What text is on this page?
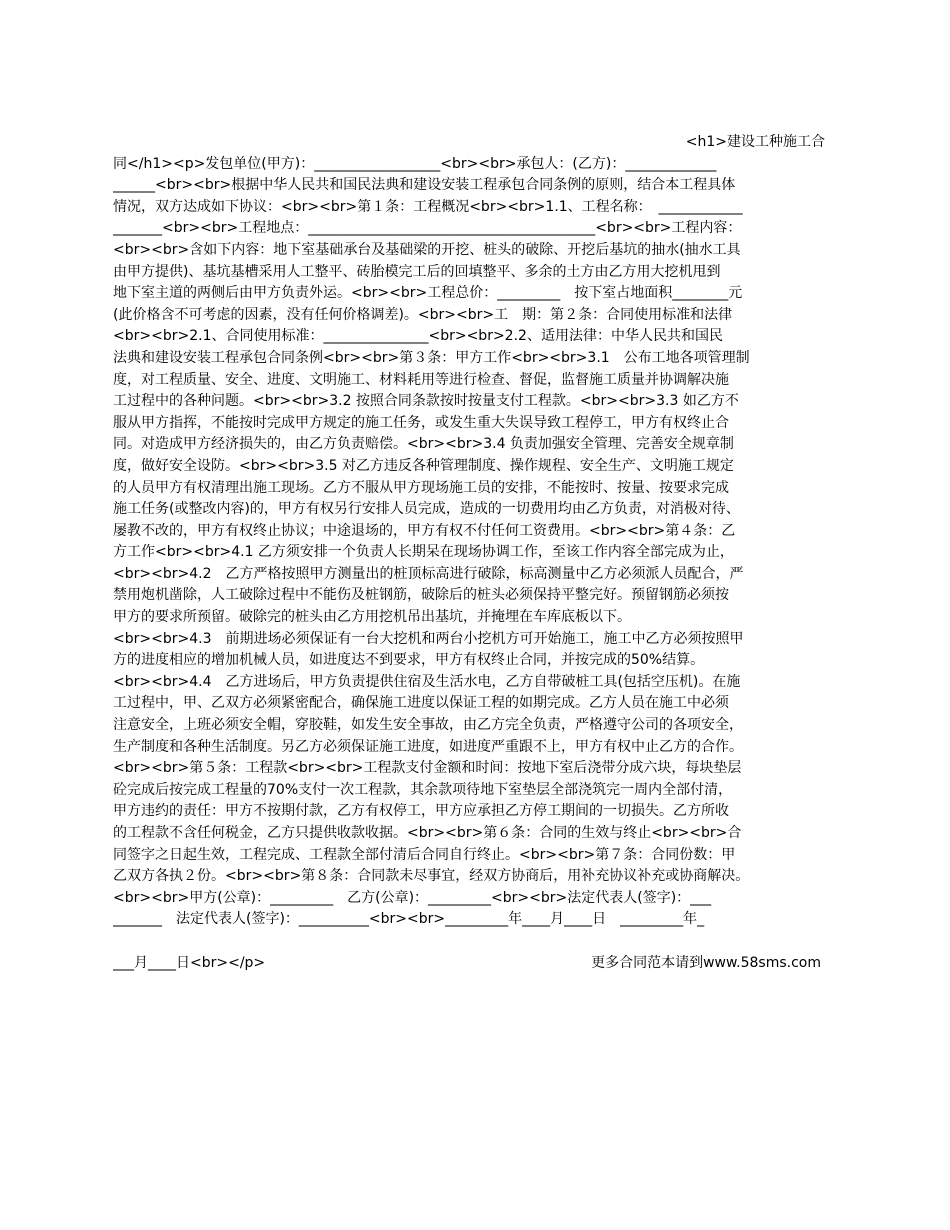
<h1>建设工种施工合
同</h1><p>发包单位(甲方)：__________________<br><br>承包人：(乙方)：_____________
______<br><br>根据中华人民共和国民法典和建设安装工程承包合同条例的原则，结合本工程具体
情况，双方达成如下协议：<br><br>第１条：工程概况<br><br>1.1、工程名称：　____________
_______<br><br>工程地点：_________________________________________<br><br>工程内容：
<br><br>含如下内容：地下室基础承台及基础梁的开挖、桩头的破除、开挖后基坑的抽水(抽水工具
由甲方提供)、基坑基槽采用人工整平、砖胎模完工后的回填整平、多余的土方由乙方用大挖机甩到
地下室主道的两侧后由甲方负责外运。<br><br>工程总价：_________　按下室占地面积________元
(此价格含不可考虑的因素，没有任何价格调差)。<br><br>工　期：第２条：合同使用标准和法律
<br><br>2.1、合同使用标准：_______________<br><br>2.2、适用法律：中华人民共和国民
法典和建设安装工程承包合同条例<br><br>第３条：甲方工作<br><br>3.1　公布工地各项管理制
度，对工程质量、安全、进度、文明施工、材料耗用等进行检查、督促，监督施工质量并协调解决施
工过程中的各种问题。<br><br>3.2 按照合同条款按时按量支付工程款。<br><br>3.3 如乙方不
服从甲方指挥，不能按时完成甲方规定的施工任务，或发生重大失误导致工程停工，甲方有权终止合
同。对造成甲方经济损失的，由乙方负责赔偿。<br><br>3.4 负责加强安全管理、完善安全规章制
度，做好安全设防。<br><br>3.5 对乙方违反各种管理制度、操作规程、安全生产、文明施工规定
的人员甲方有权清理出施工现场。乙方不服从甲方现场施工员的安排，不能按时、按量、按要求完成
施工任务(或整改内容)的，甲方有权另行安排人员完成，造成的一切费用均由乙方负责，对消极对待、
屡教不改的，甲方有权终止协议；中途退场的，甲方有权不付任何工资费用。<br><br>第４条：乙
方工作<br><br>4.1 乙方须安排一个负责人长期呆在现场协调工作，至该工作内容全部完成为止，
<br><br>4.2　乙方严格按照甲方测量出的桩顶标高进行破除，标高测量中乙方必须派人员配合，严
禁用炮机凿除，人工破除过程中不能伤及桩钢筋，破除后的桩头必须保持平整完好。预留钢筋必须按
甲方的要求所预留。破除完的桩头由乙方用挖机吊出基坑，并掩埋在车库底板以下。
<br><br>4.3　前期进场必须保证有一台大挖机和两台小挖机方可开始施工，施工中乙方必须按照甲
方的进度相应的增加机械人员，如进度达不到要求，甲方有权终止合同，并按完成的50%结算。
<br><br>4.4　乙方进场后，甲方负责提供住宿及生活水电，乙方自带破桩工具(包括空压机)。在施
工过程中，甲、乙双方必须紧密配合，确保施工进度以保证工程的如期完成。乙方人员在施工中必须
注意安全，上班必须安全帽，穿胶鞋，如发生安全事故，由乙方完全负责，严格遵守公司的各项安全，
生产制度和各种生活制度。另乙方必须保证施工进度，如进度严重跟不上，甲方有权中止乙方的合作。
<br><br>第５条：工程款<br><br>工程款支付金额和时间：按地下室后浇带分成六块，每块垫层
砼完成后按完成工程量的70%支付一次工程款，其余款项待地下室垫层全部浇筑完一周内全部付清，
甲方违约的责任：甲方不按期付款，乙方有权停工，甲方应承担乙方停工期间的一切损失。乙方所收
的工程款不含任何税金，乙方只提供收款收据。<br><br>第６条：合同的生效与终止<br><br>合
同签字之日起生效，工程完成、工程款全部付清后合同自行终止。<br><br>第７条：合同份数：甲
乙双方各执２份。<br><br>第８条：合同款未尽事宜，经双方协商后，用补充协议补充或协商解决。
<br><br>甲方(公章)：_________　乙方(公章)：_________<br><br>法定代表人(签字)：___
_______　法定代表人(签字)：__________<br><br>_________年____月____日　_________年_
___月____日<br></p>	更多合同范本请到www.58sms.com
